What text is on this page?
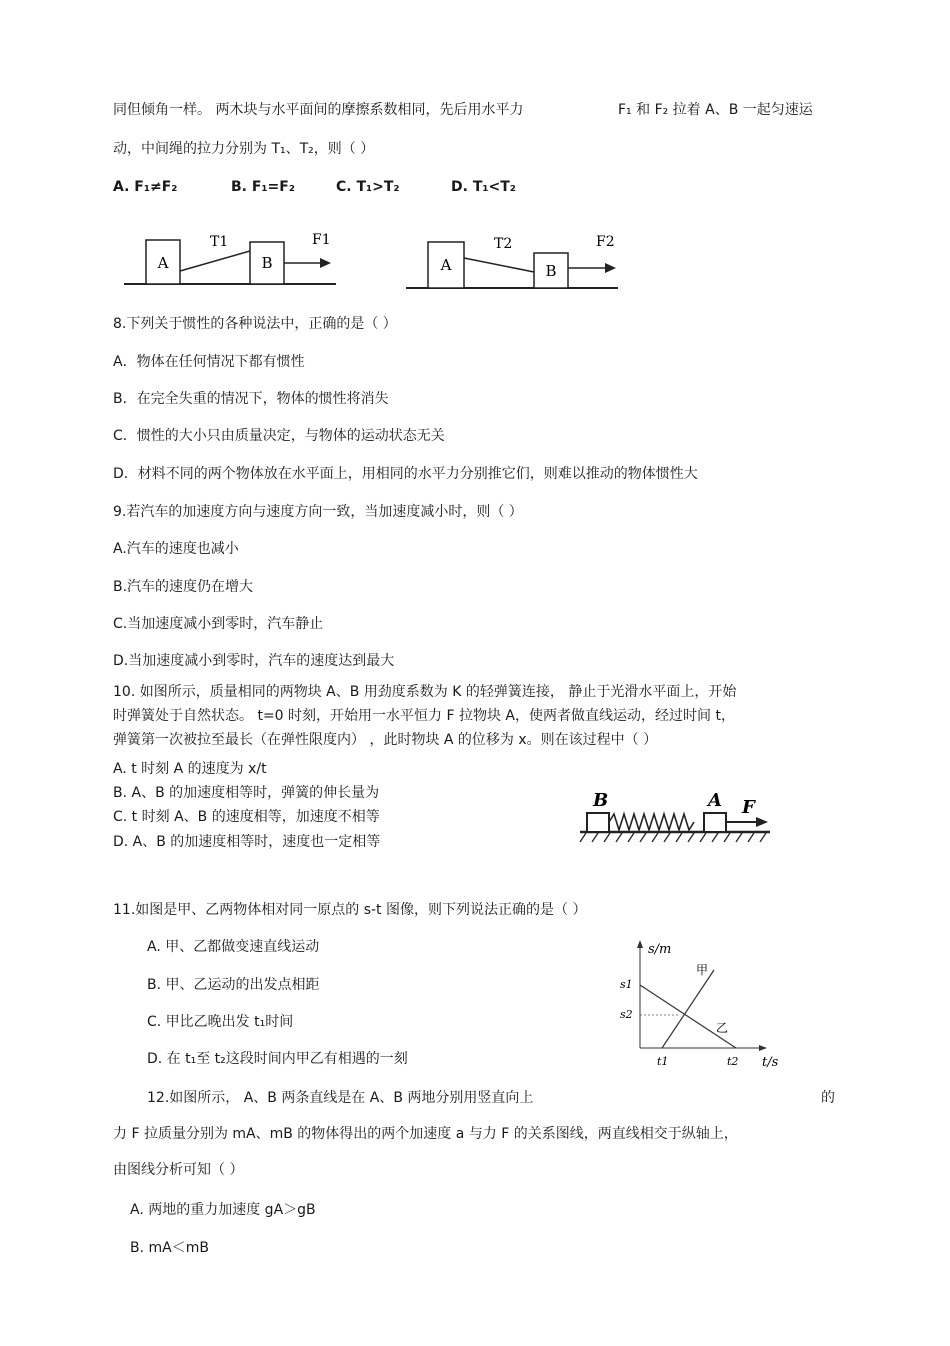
同但倾角一样。 两木块与水平面间的摩擦系数相同，先后用水平力	F₁ 和 F₂ 拉着 A、B 一起匀速运
动，中间绳的拉力分别为 T₁、T₂，则（ ）
A. F₁≠F₂	B. F₁=F₂	C. T₁>T₂	D. T₁<T₂
A	B
T1	F1
A	B
T2	F2
8.下列关于惯性的各种说法中，正确的是（ ）
A．物体在任何情况下都有惯性
B．在完全失重的情况下，物体的惯性将消失
C．惯性的大小只由质量决定，与物体的运动状态无关
D．材料不同的两个物体放在水平面上，用相同的水平力分别推它们，则难以推动的物体惯性大
9.若汽车的加速度方向与速度方向一致，当加速度减小时，则（ ）
A.汽车的速度也减小
B.汽车的速度仍在增大
C.当加速度减小到零时，汽车静止
D.当加速度减小到零时，汽车的速度达到最大
10. 如图所示，质量相同的两物块 A、B 用劲度系数为 K 的轻弹簧连接， 静止于光滑水平面上，开始
时弹簧处于自然状态。 t=0 时刻，开始用一水平恒力 F 拉物块 A，使两者做直线运动，经过时间 t，
弹簧第一次被拉至最长（在弹性限度内） ，此时物块 A 的位移为 x。则在该过程中（ ）
A. t 时刻 A 的速度为 x/t
B. A、B 的加速度相等时，弹簧的伸长量为
C. t 时刻 A、B 的速度相等，加速度不相等
D. A、B 的加速度相等时，速度也一定相等
B	A F
11.如图是甲、乙两物体相对同一原点的 s-t 图像，则下列说法正确的是（ ）
A. 甲、乙都做变速直线运动
B. 甲、乙运动的出发点相距
C. 甲比乙晚出发 t₁时间
D. 在 t₁至 t₂这段时间内甲乙有相遇的一刻
s/m
t/s
s1
s2
t1	t2
甲
乙
12.如图所示， A、B 两条直线是在 A、B 两地分别用竖直向上	的
力 F 拉质量分别为 mA、mB 的物体得出的两个加速度 a 与力 F 的关系图线，两直线相交于纵轴上，
由图线分析可知（ ）
A. 两地的重力加速度 gA＞gB
B. mA＜mB
